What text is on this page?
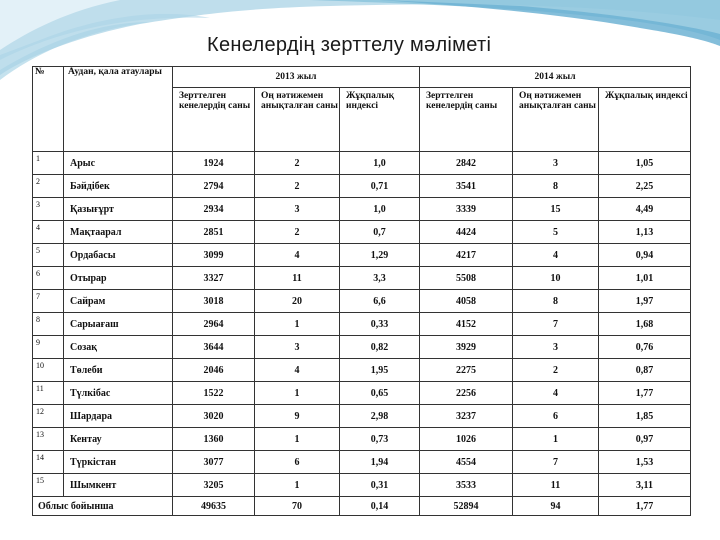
Кенелердің зерттелу мәліметі
№	Аудан, қала атаулары	2013 жыл			2014 жыл		
		Зерттелген кенелердің саны	Оң нәтижемен анықталған саны	Жұқпалық индексі	Зерттелген кенелердің саны	Оң нәтижемен анықталған саны	Жұқпалық индексі
1	Арыс	1924	2	1,0	2842	3	1,05
2	Бәйдібек	2794	2	0,71	3541	8	2,25
3	Қазығұрт	2934	3	1,0	3339	15	4,49
4	Мақтаарал	2851	2	0,7	4424	5	1,13
5	Ордабасы	3099	4	1,29	4217	4	0,94
6	Отырар	3327	11	3,3	5508	10	1,01
7	Сайрам	3018	20	6,6	4058	8	1,97
8	Сарыағаш	2964	1	0,33	4152	7	1,68
9	Созақ	3644	3	0,82	3929	3	0,76
10	Төлеби	2046	4	1,95	2275	2	0,87
11	Түлкібас	1522	1	0,65	2256	4	1,77
12	Шардара	3020	9	2,98	3237	6	1,85
13	Кентау	1360	1	0,73	1026	1	0,97
14	Түркістан	3077	6	1,94	4554	7	1,53
15	Шымкент	3205	1	0,31	3533	11	3,11
Облыс бойынша		49635	70	0,14	52894	94	1,77
